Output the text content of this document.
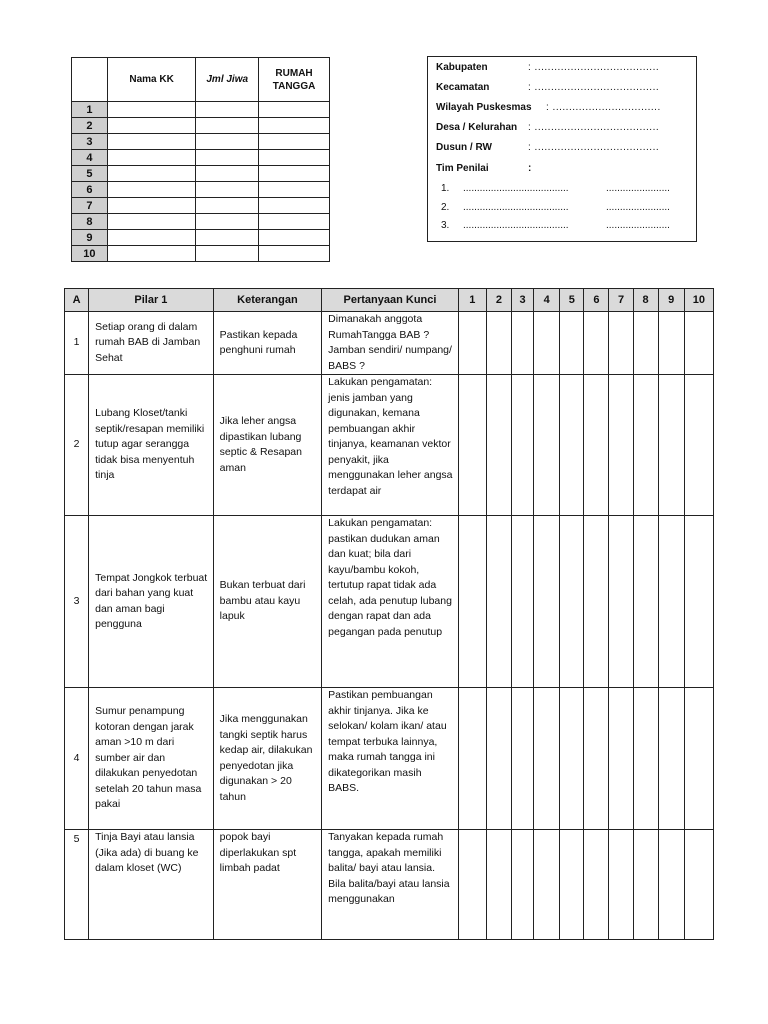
	Nama KK	Jml Jiwa	RUMAH TANGGA
1			
2			
3			
4			
5			
6			
7			
8			
9			
10			
Kabupaten	: ......................................
Kecamatan	: ......................................
Wilayah Puskesmas : .................................
Desa / Kelurahan : ......................................
Dusun / RW	: ......................................
Tim Penilai	:
1. ......................................	.......................
2. ......................................	.......................
3. ......................................	.......................
A	Pilar 1	Keterangan	Pertanyaan Kunci	1	2	3	4	5	6	7	8	9	10
1	Setiap orang di dalam rumah BAB di Jamban Sehat	Pastikan kepada penghuni rumah	Dimanakah anggota RumahTangga BAB ? Jamban sendiri/ numpang/ BABS ?										
2	Lubang Kloset/tanki septik/resapan memiliki tutup agar serangga tidak bisa menyentuh tinja	Jika leher angsa dipastikan lubang septic & Resapan aman	Lakukan pengamatan: jenis jamban yang digunakan, kemana pembuangan akhir tinjanya, keamanan vektor penyakit, jika menggunakan leher angsa terdapat air										
3	Tempat Jongkok terbuat dari bahan yang kuat dan aman bagi pengguna	Bukan terbuat dari bambu atau kayu lapuk	Lakukan pengamatan: pastikan dudukan aman dan kuat; bila dari kayu/bambu kokoh, tertutup rapat tidak ada celah, ada penutup lubang dengan rapat dan ada pegangan pada penutup										
4	Sumur penampung kotoran dengan jarak aman >10 m dari sumber air dan dilakukan penyedotan setelah 20 tahun masa pakai	Jika menggunakan tangki septik harus kedap air, dilakukan penyedotan jika digunakan > 20 tahun	Pastikan pembuangan akhir tinjanya. Jika ke selokan/ kolam ikan/ atau tempat terbuka lainnya, maka rumah tangga ini dikategorikan masih BABS.										
5	Tinja Bayi atau lansia (Jika ada) di buang ke dalam kloset (WC)	popok bayi diperlakukan spt limbah padat	Tanyakan kepada rumah tangga, apakah memiliki balita/ bayi atau lansia. Bila balita/bayi atau lansia menggunakan										
